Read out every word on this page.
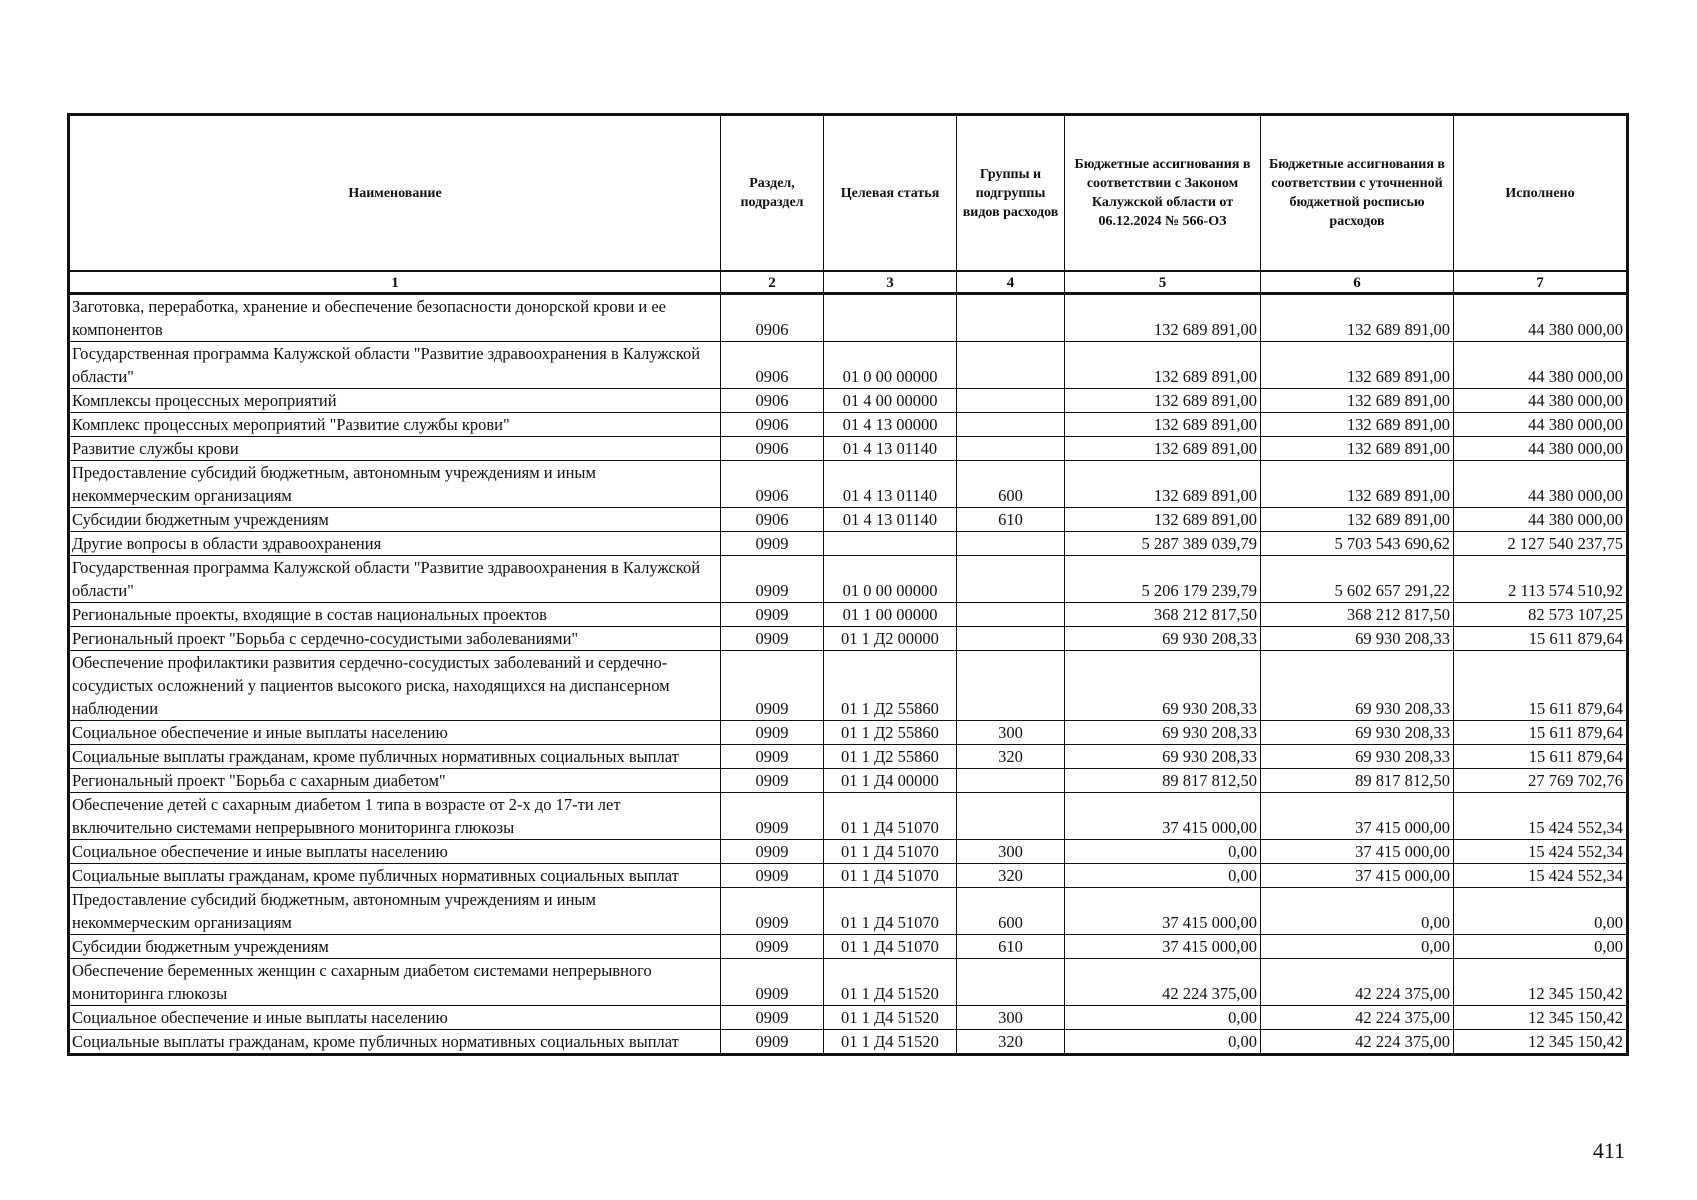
Наименование	Раздел, подраздел	Целевая статья	Группы и подгруппы видов расходов	Бюджетные ассигнования в соответствии с Законом Калужской области от 06.12.2024 № 566-ОЗ	Бюджетные ассигнования в соответствии с уточненной бюджетной росписью расходов	Исполнено
1	2	3	4	5	6	7
Заготовка, переработка, хранение и обеспечение безопасности донорской крови и ее компонентов	0906			132 689 891,00	132 689 891,00	44 380 000,00
Государственная программа Калужской области "Развитие здравоохранения в Калужской области"	0906	01 0 00 00000		132 689 891,00	132 689 891,00	44 380 000,00
Комплексы процессных мероприятий	0906	01 4 00 00000		132 689 891,00	132 689 891,00	44 380 000,00
Комплекс процессных мероприятий "Развитие службы крови"	0906	01 4 13 00000		132 689 891,00	132 689 891,00	44 380 000,00
Развитие службы крови	0906	01 4 13 01140		132 689 891,00	132 689 891,00	44 380 000,00
Предоставление субсидий бюджетным, автономным учреждениям и иным некоммерческим организациям	0906	01 4 13 01140	600	132 689 891,00	132 689 891,00	44 380 000,00
Субсидии бюджетным учреждениям	0906	01 4 13 01140	610	132 689 891,00	132 689 891,00	44 380 000,00
Другие вопросы в области здравоохранения	0909			5 287 389 039,79	5 703 543 690,62	2 127 540 237,75
Государственная программа Калужской области "Развитие здравоохранения в Калужской области"	0909	01 0 00 00000		5 206 179 239,79	5 602 657 291,22	2 113 574 510,92
Региональные проекты, входящие в состав национальных проектов	0909	01 1 00 00000		368 212 817,50	368 212 817,50	82 573 107,25
Региональный проект "Борьба с сердечно-сосудистыми заболеваниями"	0909	01 1 Д2 00000		69 930 208,33	69 930 208,33	15 611 879,64
Обеспечение профилактики развития сердечно-сосудистых заболеваний и сердечно-сосудистых осложнений у пациентов высокого риска, находящихся на диспансерном наблюдении	0909	01 1 Д2 55860		69 930 208,33	69 930 208,33	15 611 879,64
Социальное обеспечение и иные выплаты населению	0909	01 1 Д2 55860	300	69 930 208,33	69 930 208,33	15 611 879,64
Социальные выплаты гражданам, кроме публичных нормативных социальных выплат	0909	01 1 Д2 55860	320	69 930 208,33	69 930 208,33	15 611 879,64
Региональный проект "Борьба с сахарным диабетом"	0909	01 1 Д4 00000		89 817 812,50	89 817 812,50	27 769 702,76
Обеспечение детей с сахарным диабетом 1 типа в возрасте от 2-х до 17-ти лет включительно системами непрерывного мониторинга глюкозы	0909	01 1 Д4 51070		37 415 000,00	37 415 000,00	15 424 552,34
Социальное обеспечение и иные выплаты населению	0909	01 1 Д4 51070	300	0,00	37 415 000,00	15 424 552,34
Социальные выплаты гражданам, кроме публичных нормативных социальных выплат	0909	01 1 Д4 51070	320	0,00	37 415 000,00	15 424 552,34
Предоставление субсидий бюджетным, автономным учреждениям и иным некоммерческим организациям	0909	01 1 Д4 51070	600	37 415 000,00	0,00	0,00
Субсидии бюджетным учреждениям	0909	01 1 Д4 51070	610	37 415 000,00	0,00	0,00
Обеспечение беременных женщин с сахарным диабетом системами непрерывного мониторинга глюкозы	0909	01 1 Д4 51520		42 224 375,00	42 224 375,00	12 345 150,42
Социальное обеспечение и иные выплаты населению	0909	01 1 Д4 51520	300	0,00	42 224 375,00	12 345 150,42
Социальные выплаты гражданам, кроме публичных нормативных социальных выплат	0909	01 1 Д4 51520	320	0,00	42 224 375,00	12 345 150,42
411
